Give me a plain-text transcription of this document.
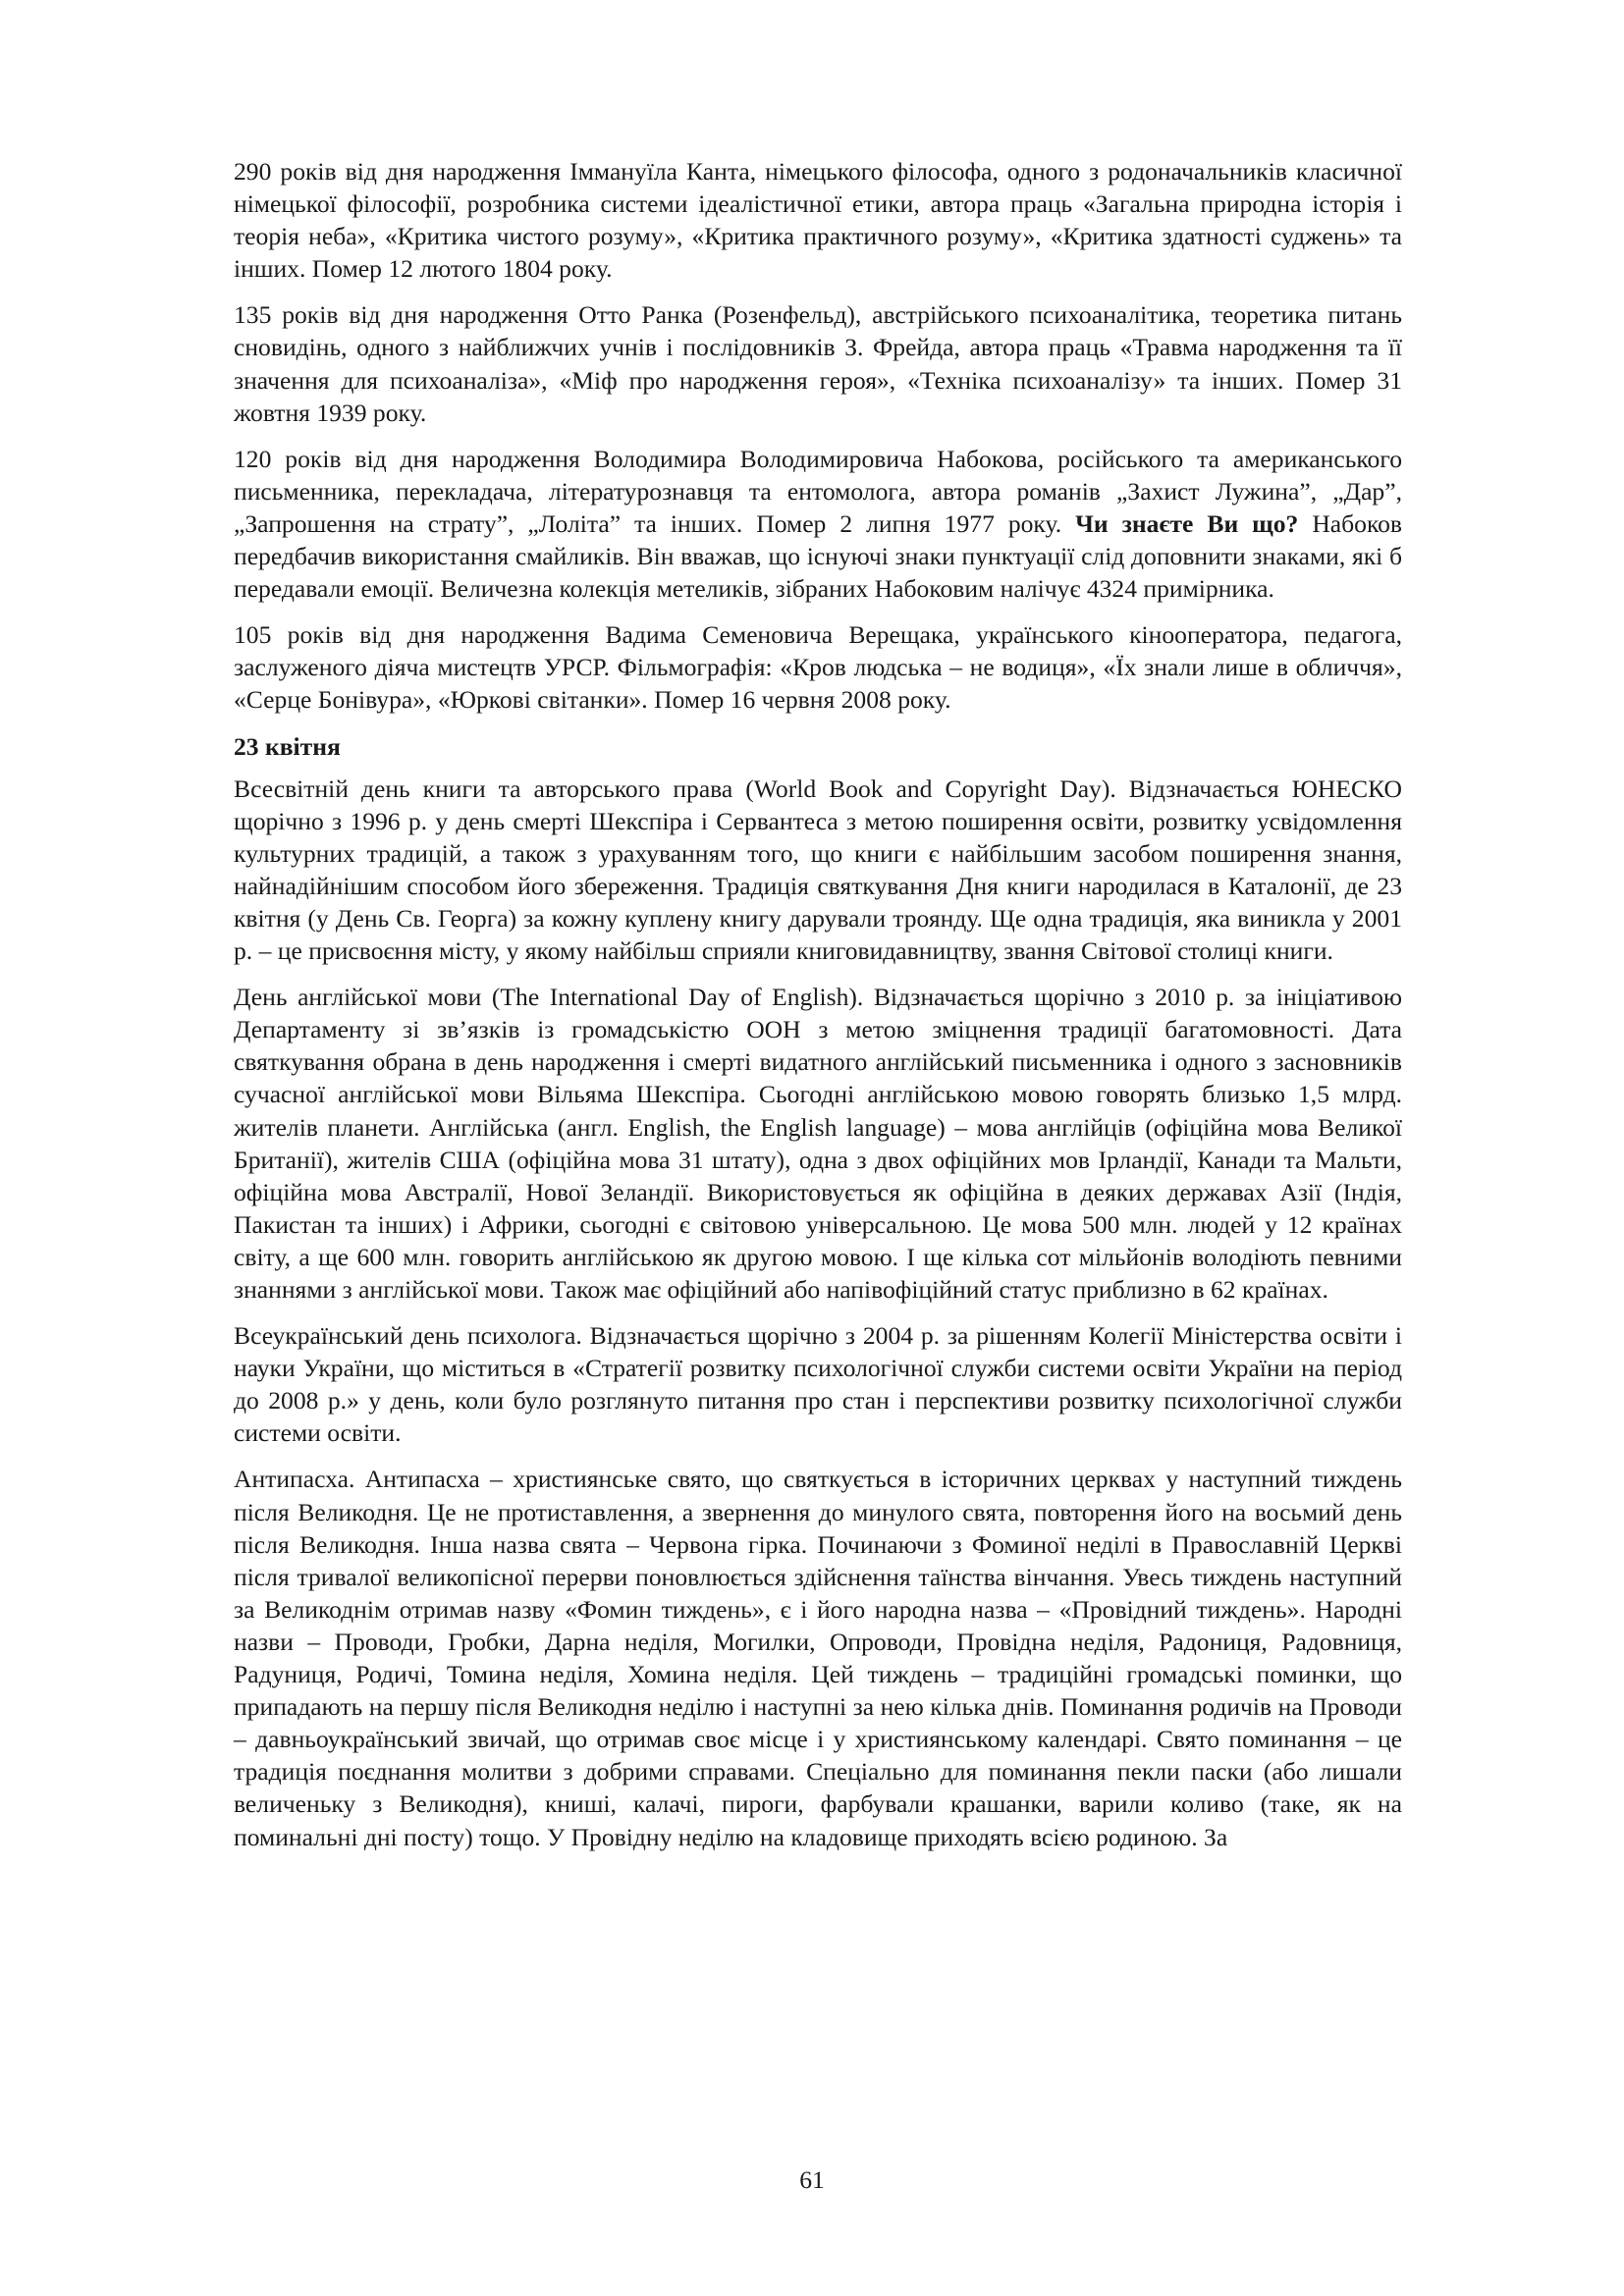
290 років від дня народження Іммануїла Канта, німецького філософа, одного з родоначальників класичної німецької філософії, розробника системи ідеалістичної етики, автора праць «Загальна природна історія і теорія неба», «Критика чистого розуму», «Критика практичного розуму», «Критика здатності суджень» та інших. Помер 12 лютого 1804 року.

135 років від дня народження Отто Ранка (Розенфельд), австрійського психоаналітика, теоретика питань сновидінь, одного з найближчих учнів і послідовників З. Фрейда, автора праць «Травма народження та її значення для психоаналіза», «Міф про народження героя», «Техніка психоаналізу» та інших. Помер 31 жовтня 1939 року.

120 років від дня народження Володимира Володимировича Набокова, російського та американського письменника, перекладача, літературознавця та ентомолога, автора романів „Захист Лужина”, „Дар”, „Запрошення на страту”, „Лоліта” та інших. Помер 2 липня 1977 року. Чи знаєте Ви що? Набоков передбачив використання смайликів. Він вважав, що існуючі знаки пунктуації слід доповнити знаками, які б передавали емоції. Величезна колекція метеликів, зібраних Набоковим налічує 4324 примірника.

105 років від дня народження Вадима Семеновича Верещака, українського кінооператора, педагога, заслуженого діяча мистецтв УРСР. Фільмографія: «Кров людська – не водиця», «Їх знали лише в обличчя», «Серце Бонівура», «Юркові світанки». Помер 16 червня 2008 року.

23 квітня

Всесвітній день книги та авторського права (World Book and Copyright Day). Відзначається ЮНЕСКО щорічно з 1996 р. у день смерті Шекспіра і Сервантеса з метою поширення освіти, розвитку усвідомлення культурних традицій, а також з урахуванням того, що книги є найбільшим засобом поширення знання, найнадійнішим способом його збереження. Традиція святкування Дня книги народилася в Каталонії, де 23 квітня (у День Св. Георга) за кожну куплену книгу дарували троянду. Ще одна традиція, яка виникла у 2001 р. – це присвоєння місту, у якому найбільш сприяли книговидавництву, звання Світової столиці книги.

День англійської мови (The International Day of English). Відзначається щорічно з 2010 р. за ініціативою Департаменту зі зв’язків із громадськістю ООН з метою зміцнення традиції багатомовності. Дата святкування обрана в день народження і смерті видатного англійський письменника і одного з засновників сучасної англійської мови Вільяма Шекспіра. Сьогодні англійською мовою говорять близько 1,5 млрд. жителів планети. Англійська (англ. English, the English language) – мова англійців (офіційна мова Великої Британії), жителів США (офіційна мова 31 штату), одна з двох офіційних мов Ірландії, Канади та Мальти, офіційна мова Австралії, Нової Зеландії. Використовується як офіційна в деяких державах Азії (Індія, Пакистан та інших) і Африки, сьогодні є світовою універсальною. Це мова 500 млн. людей у 12 країнах світу, а ще 600 млн. говорить англійською як другою мовою. І ще кілька сот мільйонів володіють певними знаннями з англійської мови. Також має офіційний або напівофіційний статус приблизно в 62 країнах.

Всеукраїнський день психолога. Відзначається щорічно з 2004 р. за рішенням Колегії Міністерства освіти і науки України, що міститься в «Стратегії розвитку психологічної служби системи освіти України на період до 2008 р.» у день, коли було розглянуто питання про стан і перспективи розвитку психологічної служби системи освіти.

Антипасха. Антипасха – християнське свято, що святкується в історичних церквах у наступний тиждень після Великодня. Це не протиставлення, а звернення до минулого свята, повторення його на восьмий день після Великодня. Інша назва свята – Червона гірка. Починаючи з Фоминої неділі в Православній Церкві після тривалої великопісної перерви поновлюється здійснення таїнства вінчання. Увесь тиждень наступний за Великоднім отримав назву «Фомин тиждень», є і його народна назва – «Провідний тиждень». Народні назви – Проводи, Гробки, Дарна неділя, Могилки, Опроводи, Провідна неділя, Радониця, Радовниця, Радуниця, Родичі, Томина неділя, Хомина неділя. Цей тиждень – традиційні громадські поминки, що припадають на першу після Великодня неділю і наступні за нею кілька днів. Поминання родичів на Проводи – давньоукраїнський звичай, що отримав своє місце і у християнському календарі. Свято поминання – це традиція поєднання молитви з добрими справами. Спеціально для поминання пекли паски (або лишали величеньку з Великодня), книші, калачі, пироги, фарбували крашанки, варили коливо (таке, як на поминальні дні посту) тощо. У Провідну неділю на кладовище приходять всією родиною. За

61
